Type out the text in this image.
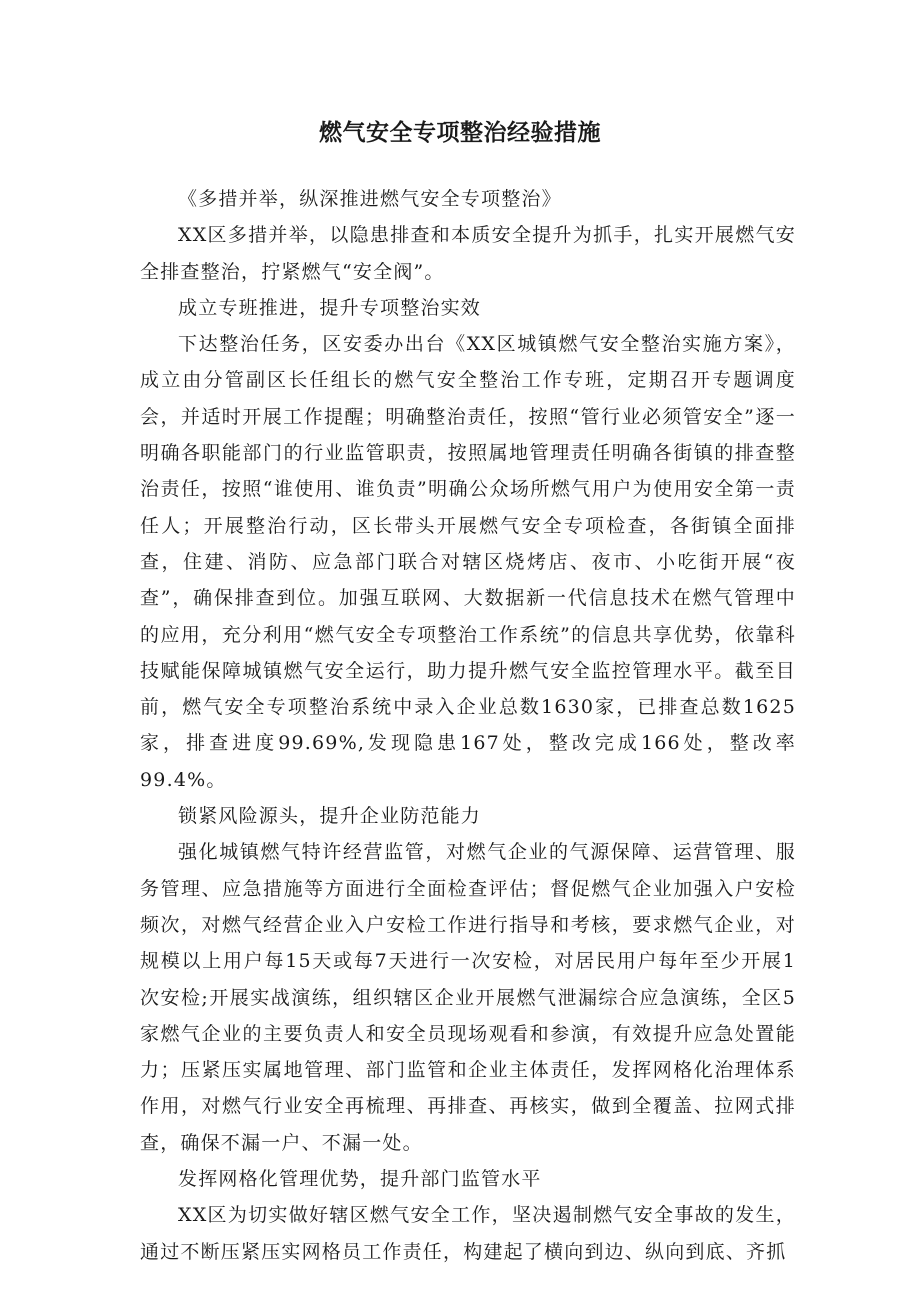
燃气安全专项整治经验措施

《多措并举，纵深推进燃气安全专项整治》

XX区多措并举，以隐患排查和本质安全提升为抓手，扎实开展燃气安全排查整治，拧紧燃气“安全阀”。

成立专班推进，提升专项整治实效

下达整治任务，区安委办出台《XX区城镇燃气安全整治实施方案》，成立由分管副区长任组长的燃气安全整治工作专班，定期召开专题调度会，并适时开展工作提醒；明确整治责任，按照“管行业必须管安全”逐一明确各职能部门的行业监管职责，按照属地管理责任明确各街镇的排查整治责任，按照“谁使用、谁负责”明确公众场所燃气用户为使用安全第一责任人；开展整治行动，区长带头开展燃气安全专项检查，各街镇全面排查，住建、消防、应急部门联合对辖区烧烤店、夜市、小吃街开展“夜查”，确保排查到位。加强互联网、大数据新一代信息技术在燃气管理中的应用，充分利用“燃气安全专项整治工作系统”的信息共享优势，依靠科技赋能保障城镇燃气安全运行，助力提升燃气安全监控管理水平。截至目前，燃气安全专项整治系统中录入企业总数1630家，已排查总数1625家，排查进度99.69%,发现隐患167处，整改完成166处，整改率99.4%。

锁紧风险源头，提升企业防范能力

强化城镇燃气特许经营监管，对燃气企业的气源保障、运营管理、服务管理、应急措施等方面进行全面检查评估；督促燃气企业加强入户安检频次，对燃气经营企业入户安检工作进行指导和考核，要求燃气企业，对规模以上用户每15天或每7天进行一次安检，对居民用户每年至少开展1次安检;开展实战演练，组织辖区企业开展燃气泄漏综合应急演练，全区5家燃气企业的主要负责人和安全员现场观看和参演，有效提升应急处置能力；压紧压实属地管理、部门监管和企业主体责任，发挥网格化治理体系作用，对燃气行业安全再梳理、再排查、再核实，做到全覆盖、拉网式排查，确保不漏一户、不漏一处。

发挥网格化管理优势，提升部门监管水平

XX区为切实做好辖区燃气安全工作，坚决遏制燃气安全事故的发生，通过不断压紧压实网格员工作责任，构建起了横向到边、纵向到底、齐抓
